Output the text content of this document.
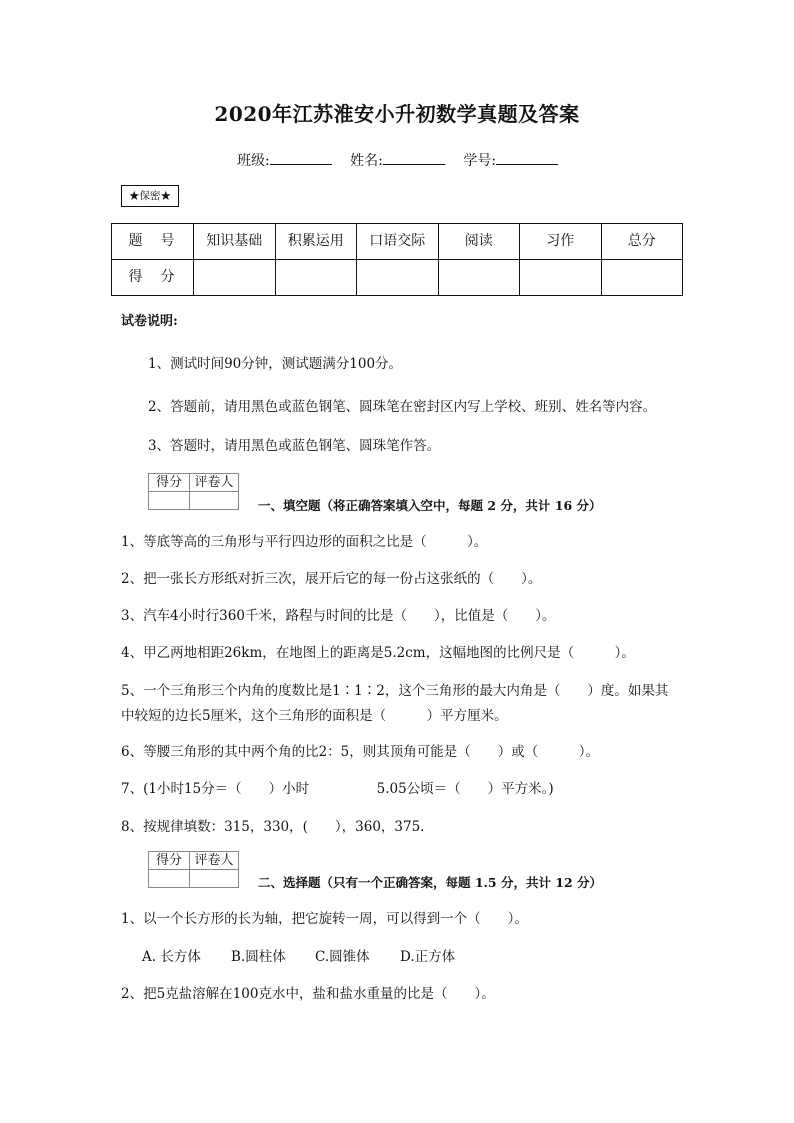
2020年江苏淮安小升初数学真题及答案
班级:	姓名:	学号:
★保密★
题　号	知识基础	积累运用	口语交际	阅读	习作	总分
得　分						
试卷说明:
1、测试时间90分钟，测试题满分100分。
2、答题前，请用黑色或蓝色钢笔、圆珠笔在密封区内写上学校、班别、姓名等内容。
3、答题时，请用黑色或蓝色钢笔、圆珠笔作答。
得分	评卷人

一、填空题（将正确答案填入空中，每题 2 分，共计 16 分）
1、等底等高的三角形与平行四边形的面积之比是（　　　）。
2、把一张长方形纸对折三次，展开后它的每一份占这张纸的（　　）。
3、汽车4小时行360千米，路程与时间的比是（　　），比值是（　　）。
4、甲乙两地相距26km，在地图上的距离是5.2cm，这幅地图的比例尺是（　　　）。
5、一个三角形三个内角的度数比是1∶1∶2，这个三角形的最大内角是（　　）度。如果其
中较短的边长5厘米，这个三角形的面积是（　　　）平方厘米。
6、等腰三角形的其中两个角的比2：5，则其顶角可能是（　　）或（　　　）。
7、(1小时15分＝（　　）小时　　　　　5.05公顷＝（　　）平方米。)
8、按规律填数：315，330，(　　），360，375.
得分	评卷人

二、选择题（只有一个正确答案，每题 1.5 分，共计 12 分）
1、以一个长方形的长为轴，把它旋转一周，可以得到一个（　　）。
A. 长方体 B.圆柱体 C.圆锥体 D.正方体
2、把5克盐溶解在100克水中，盐和盐水重量的比是（　　）。
